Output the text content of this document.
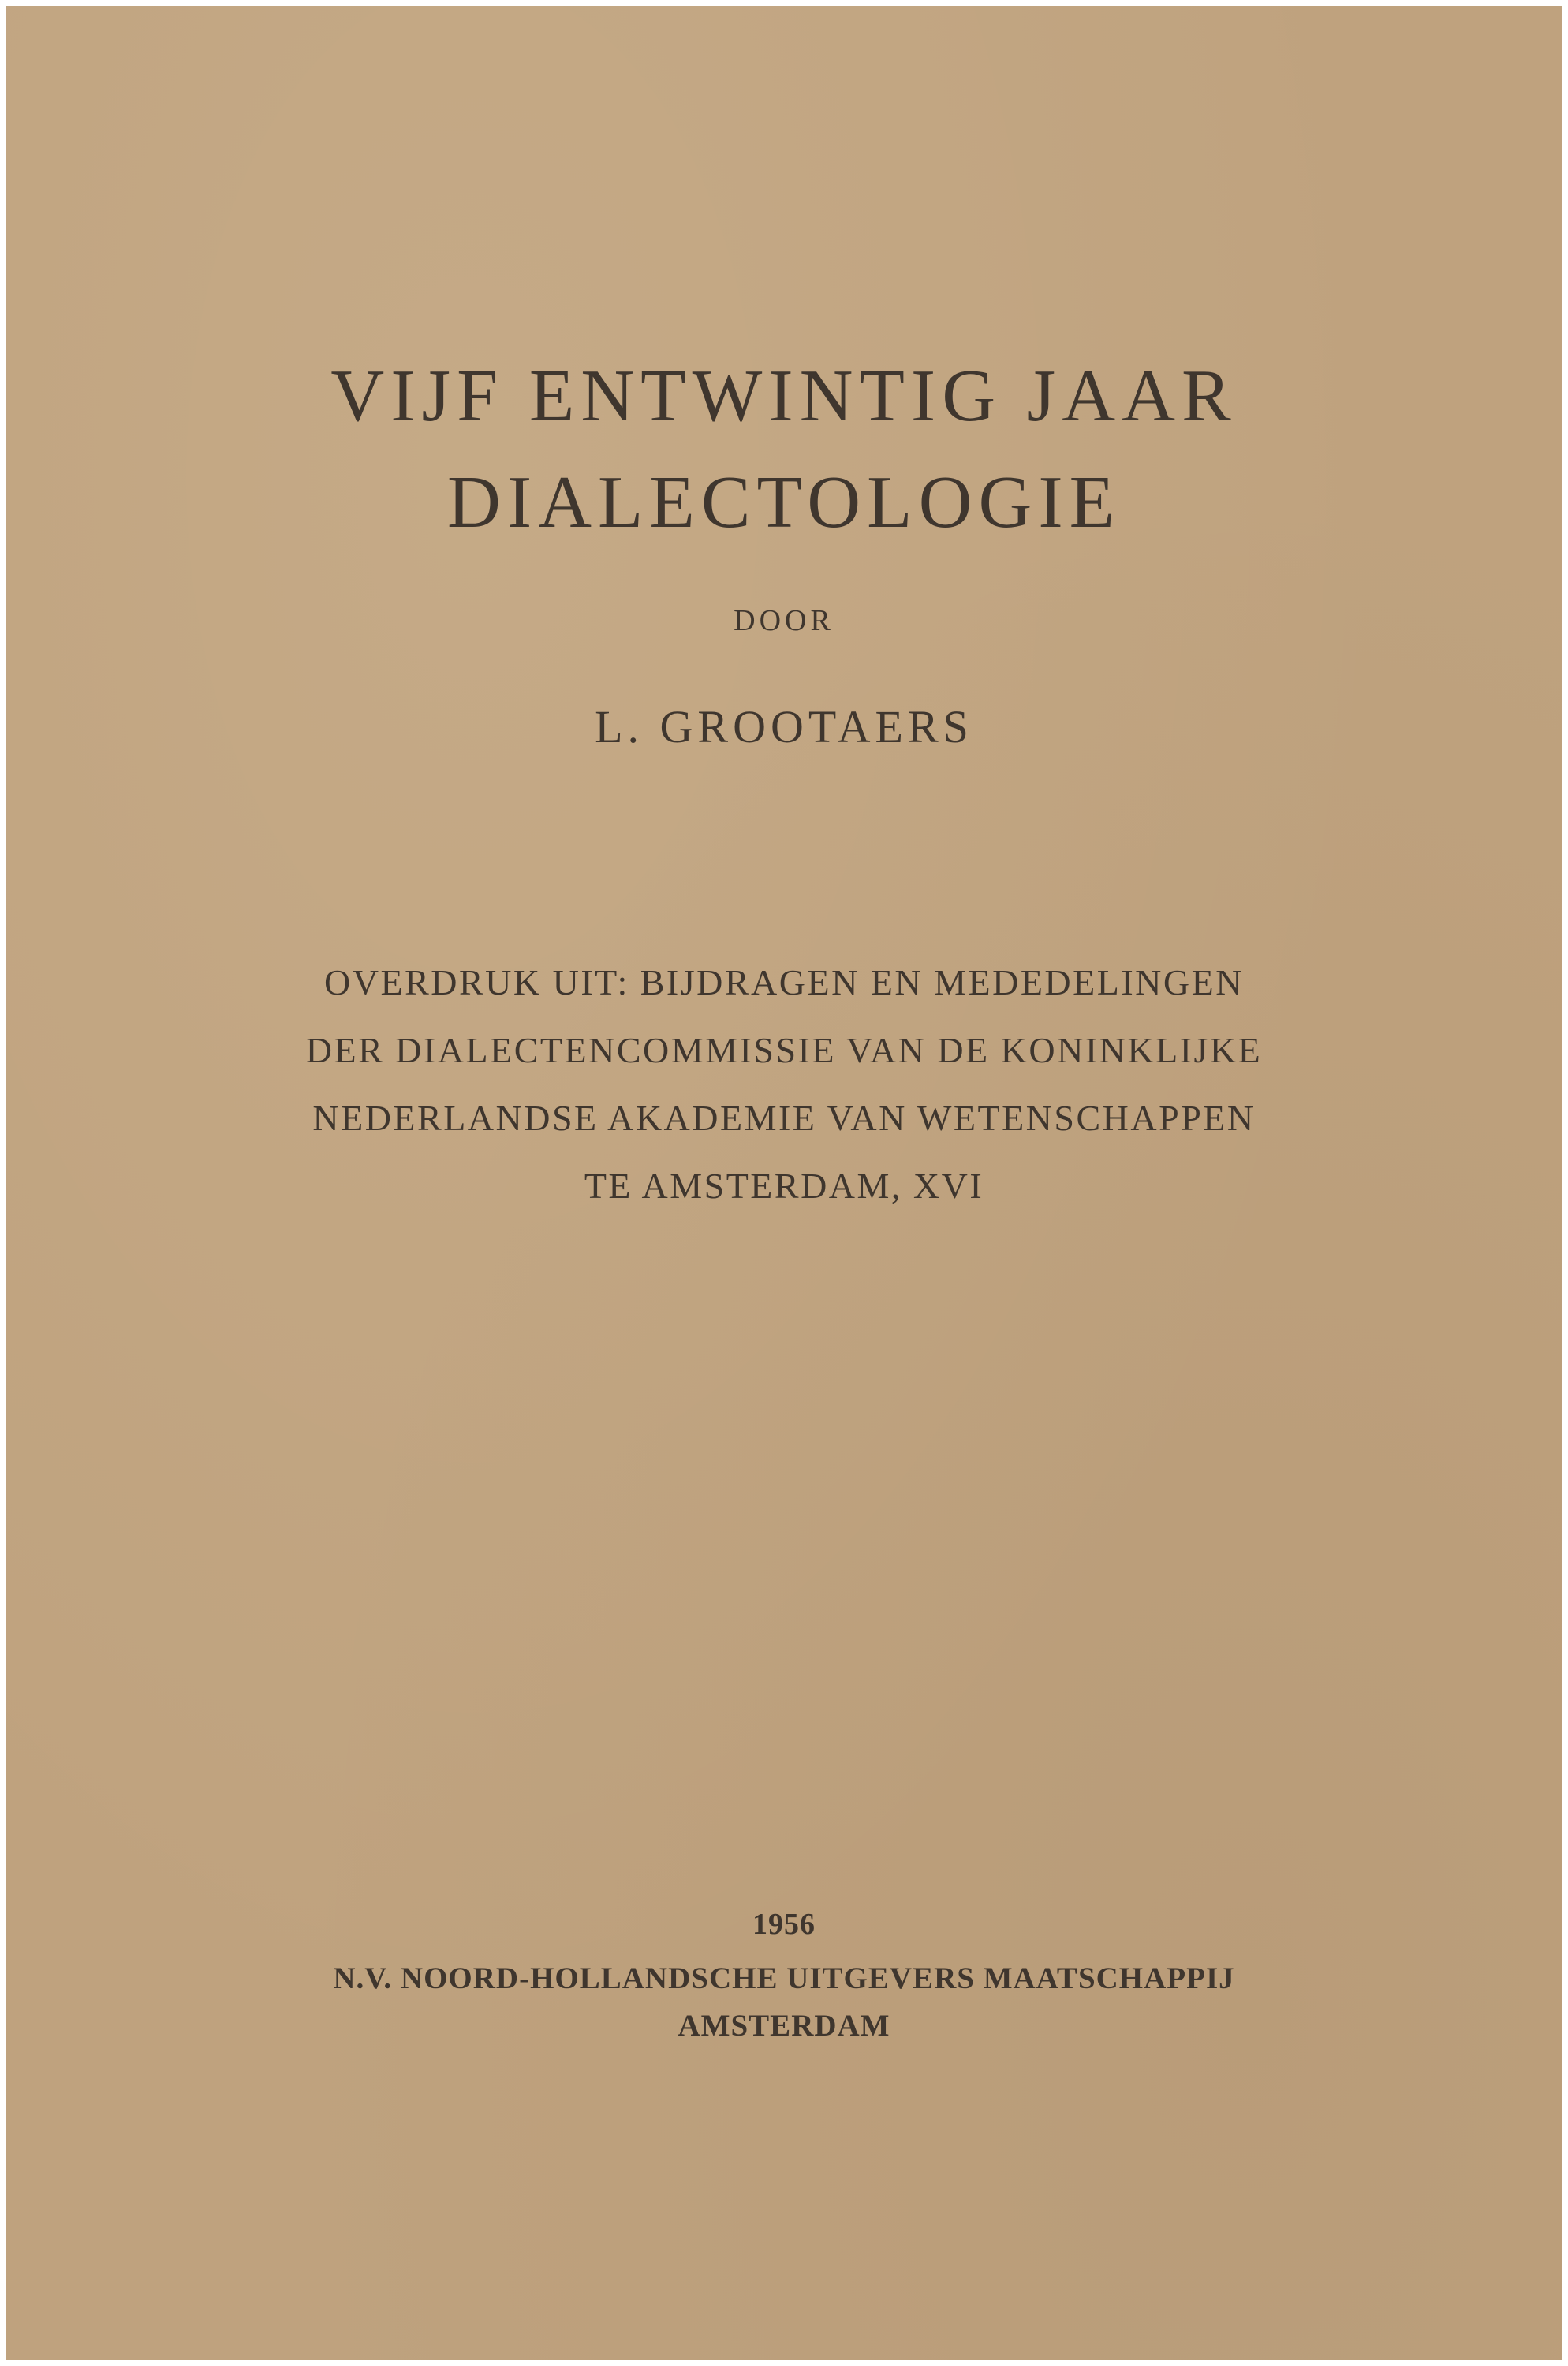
VIJF ENTWINTIG JAAR
DIALECTOLOGIE
DOOR
L. GROOTAERS
OVERDRUK UIT: BIJDRAGEN EN MEDEDELINGEN
DER DIALECTENCOMMISSIE VAN DE KONINKLIJKE
NEDERLANDSE AKADEMIE VAN WETENSCHAPPEN
TE AMSTERDAM, XVI
1956
N.V. NOORD-HOLLANDSCHE UITGEVERS MAATSCHAPPIJ
AMSTERDAM
